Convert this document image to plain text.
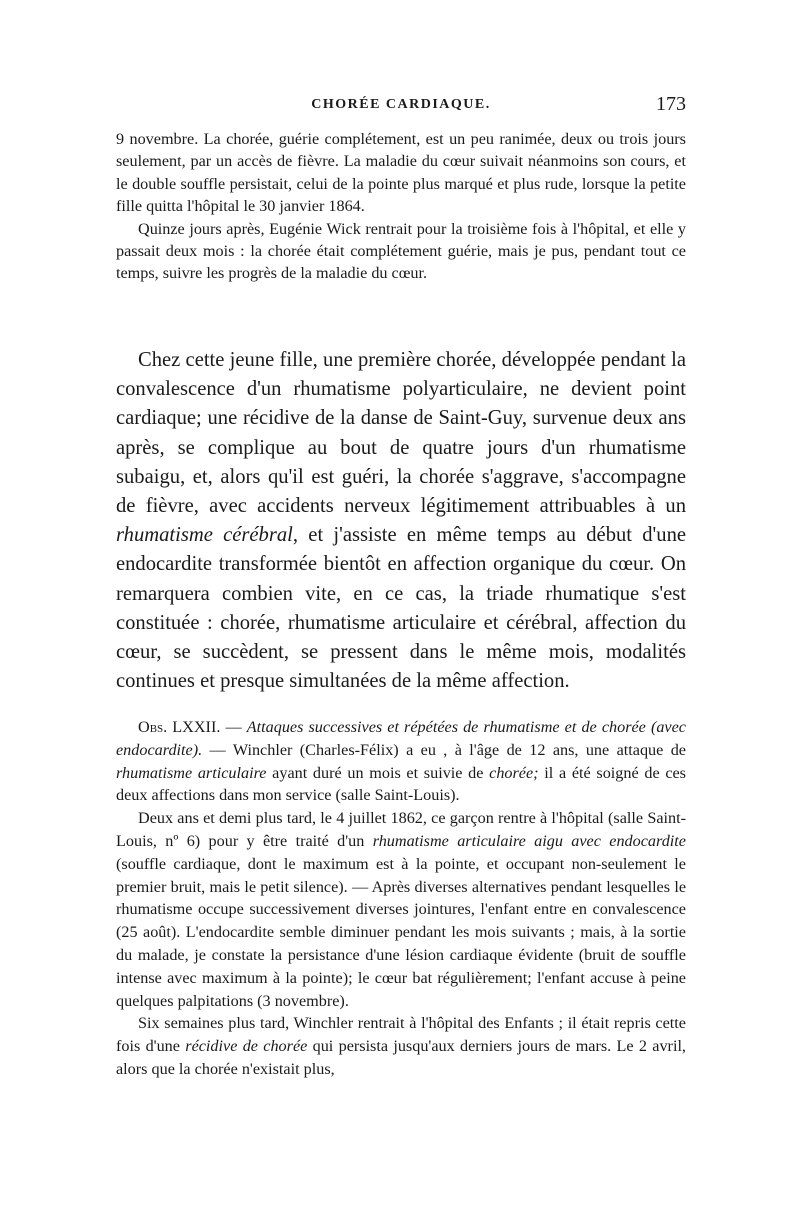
CHORÉE CARDIAQUE.	173

9 novembre. La chorée, guérie complétement, est un peu ranimée, deux ou trois jours seulement, par un accès de fièvre. La maladie du cœur suivait néanmoins son cours, et le double souffle persistait, celui de la pointe plus marqué et plus rude, lorsque la petite fille quitta l'hôpital le 30 janvier 1864.

Quinze jours après, Eugénie Wick rentrait pour la troisième fois à l'hôpital, et elle y passait deux mois : la chorée était complétement guérie, mais je pus, pendant tout ce temps, suivre les progrès de la maladie du cœur.

Chez cette jeune fille, une première chorée, développée pendant la convalescence d'un rhumatisme polyarticulaire, ne devient point cardiaque; une récidive de la danse de Saint-Guy, survenue deux ans après, se complique au bout de quatre jours d'un rhumatisme subaigu, et, alors qu'il est guéri, la chorée s'aggrave, s'accompagne de fièvre, avec accidents nerveux légitimement attribuables à un rhumatisme cérébral, et j'assiste en même temps au début d'une endocardite transformée bientôt en affection organique du cœur. On remarquera combien vite, en ce cas, la triade rhumatique s'est constituée : chorée, rhumatisme articulaire et cérébral, affection du cœur, se succèdent, se pressent dans le même mois, modalités continues et presque simultanées de la même affection.

Obs. LXXII. — Attaques successives et répétées de rhumatisme et de chorée (avec endocardite). — Winchler (Charles-Félix) a eu , à l'âge de 12 ans, une attaque de rhumatisme articulaire ayant duré un mois et suivie de chorée; il a été soigné de ces deux affections dans mon service (salle Saint-Louis).

Deux ans et demi plus tard, le 4 juillet 1862, ce garçon rentre à l'hôpital (salle Saint-Louis, nº 6) pour y être traité d'un rhumatisme articulaire aigu avec endocardite (souffle cardiaque, dont le maximum est à la pointe, et occupant non-seulement le premier bruit, mais le petit silence). — Après diverses alternatives pendant lesquelles le rhumatisme occupe successivement diverses jointures, l'enfant entre en convalescence (25 août). L'endocardite semble diminuer pendant les mois suivants ; mais, à la sortie du malade, je constate la persistance d'une lésion cardiaque évidente (bruit de souffle intense avec maximum à la pointe); le cœur bat régulièrement; l'enfant accuse à peine quelques palpitations (3 novembre).

Six semaines plus tard, Winchler rentrait à l'hôpital des Enfants ; il était repris cette fois d'une récidive de chorée qui persista jusqu'aux derniers jours de mars. Le 2 avril, alors que la chorée n'existait plus,
